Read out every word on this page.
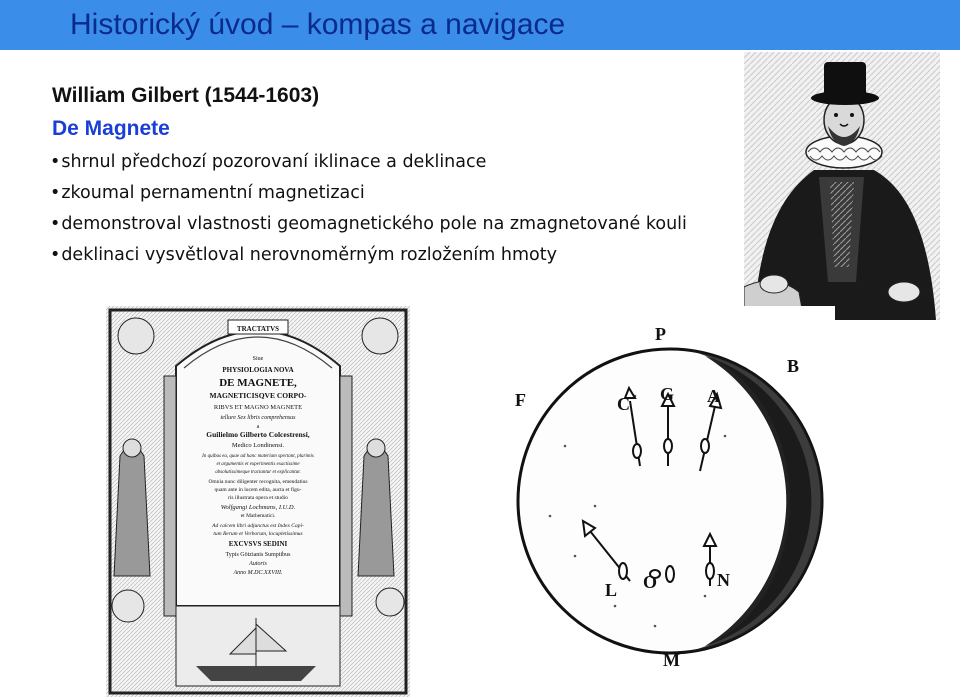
Historický úvod – kompas a navigace
William Gilbert (1544-1603)
De Magnete
• shrnul předchozí pozorovaní iklinace a deklinace
• zkoumal pernamentní magnetizaci
• demonstroval vlastnosti geomagnetického pole na zmagnetované kouli
• deklinaci vysvětloval nerovnoměrným rozložením hmoty
TRACTATVS
Siue
PHYSIOLOGIA NOVA
DE MAGNETE,
MAGNETICISQVE CORPO-
RIBVS ET MAGNO MAGNETE
tellure Sex libris comprehensus
a
Guilielmo Gilberto Colcestrensi,
Medico Londinensi.
In quibus ea, quae ad hanc materiam spectant, plurimis
et argumentis et experimentis exactissime
absolutissimeque tractantur et explicantur.
Omnia nunc diligenter recognita, emendatius
quam ante in lucem edita, aucta et figu-
ris illustrata opera et studio
Wolfgangi Lochmans, I.U.D.
et Mathematici.
Ad calcem libri adjunctus est Index Capi-
tum Rerum et Verborum, locupletissimus
EXCVSVS SEDINI
Typis Götzianis Sumptibus
Autoris
Anno M.DC.XXVIII.
P
B
F	C G A
L O	N
M
